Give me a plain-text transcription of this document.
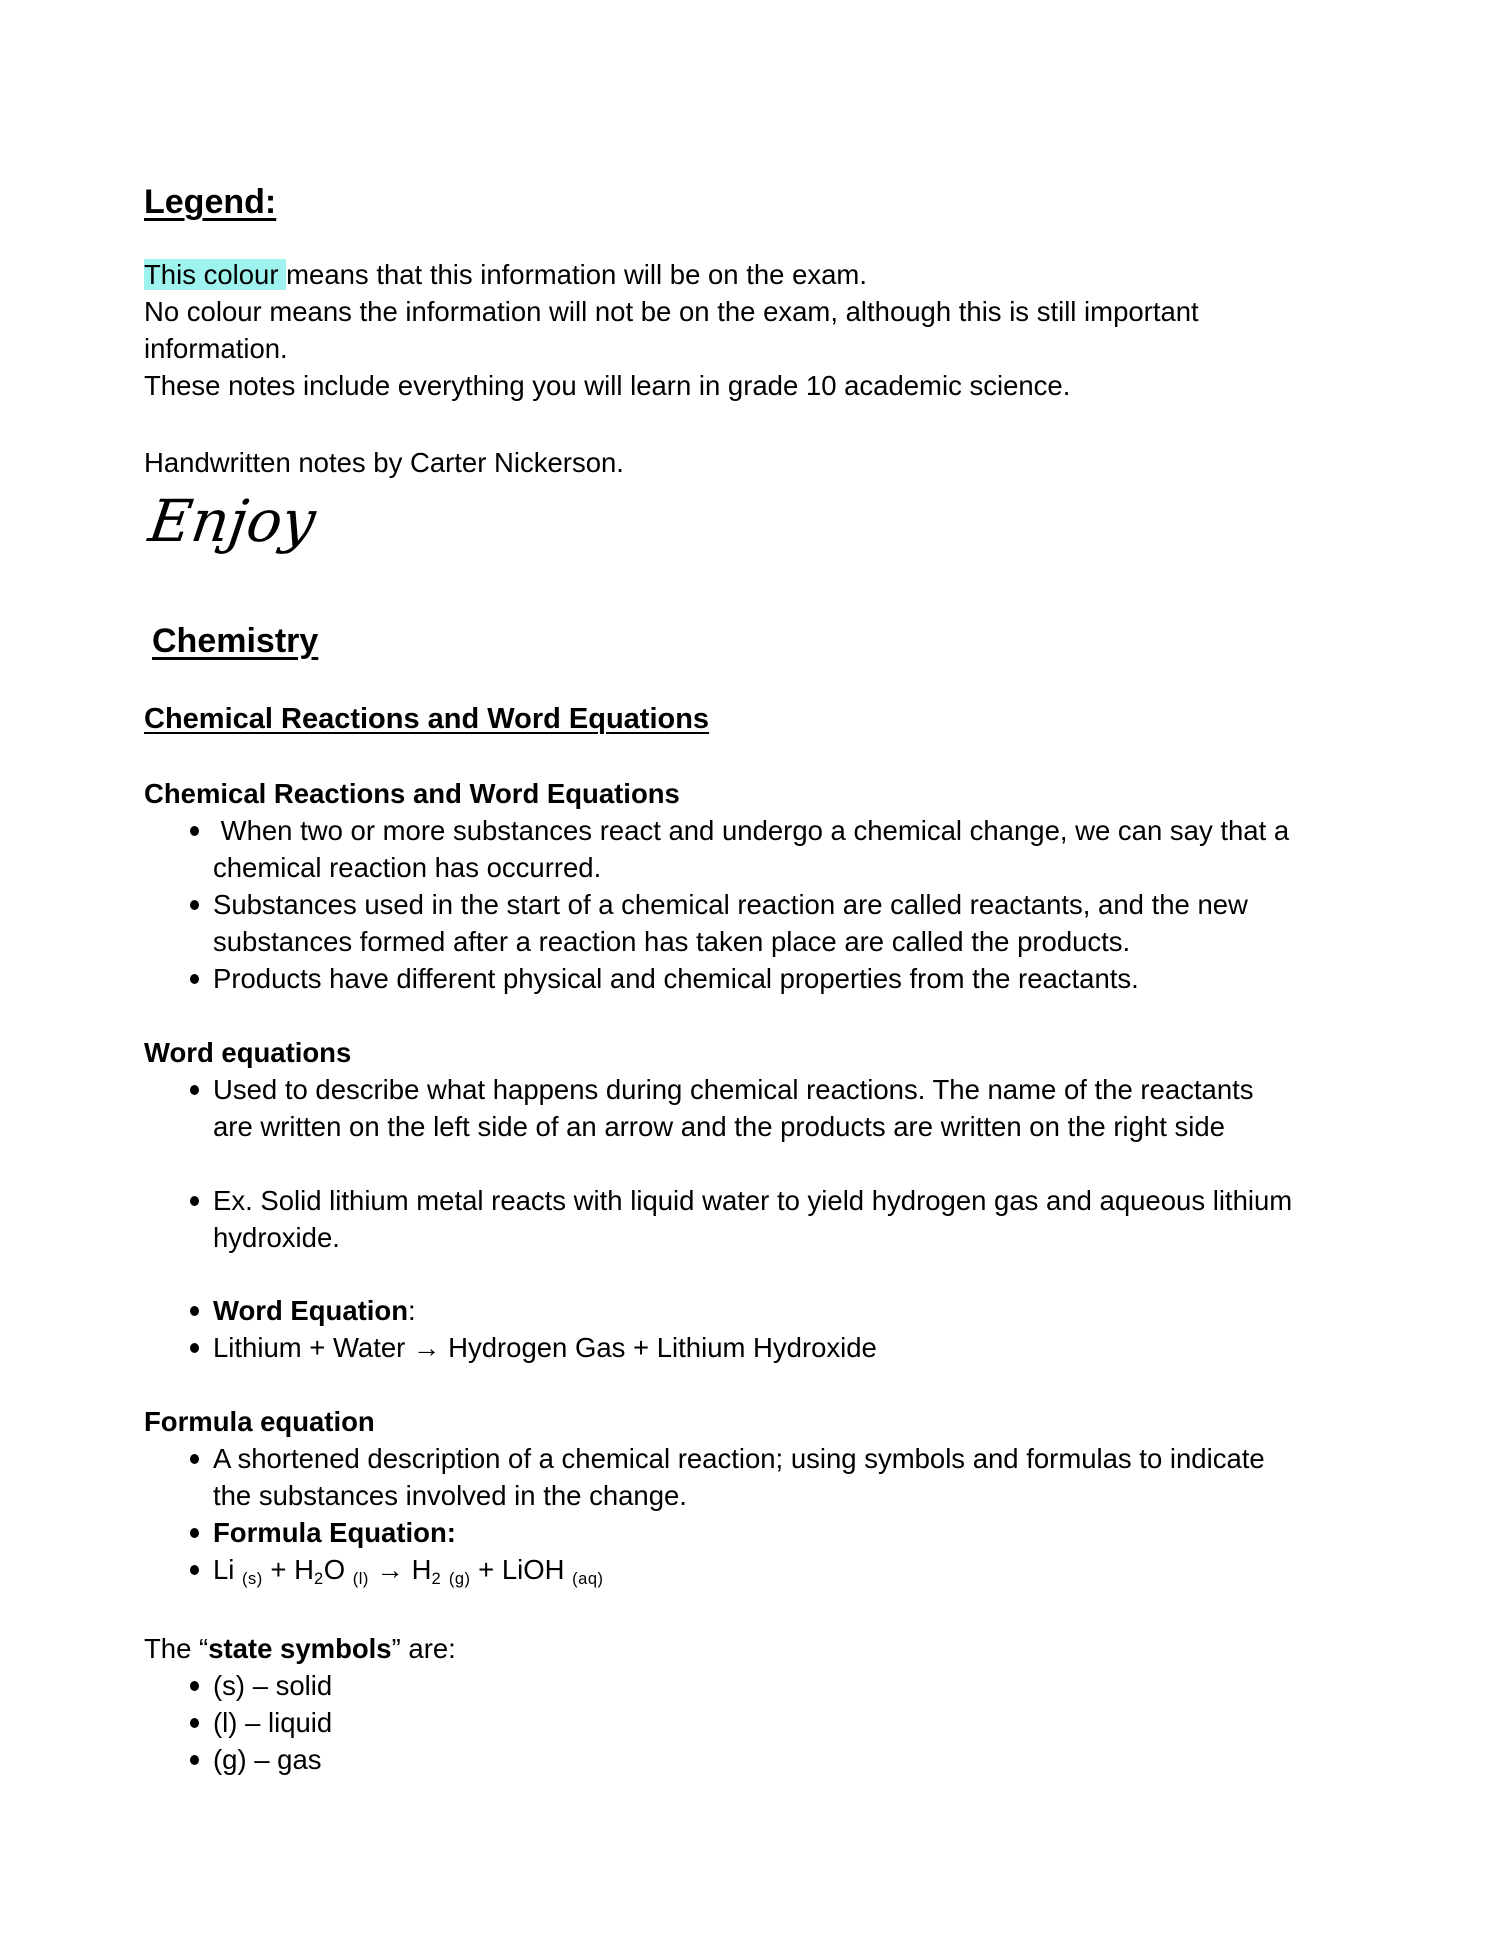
Legend:

This colour means that this information will be on the exam.

No colour means the information will not be on the exam, although this is still important information.

These notes include everything you will learn in grade 10 academic science.

Handwritten notes by Carter Nickerson.

Enjoy
Chemistry
Chemical Reactions and Word Equations
Chemical Reactions and Word Equations
When two or more substances react and undergo a chemical change, we can say that a chemical reaction has occurred.
Substances used in the start of a chemical reaction are called reactants, and the new substances formed after a reaction has taken place are called the products.
Products have different physical and chemical properties from the reactants.
Word equations
Used to describe what happens during chemical reactions. The name of the reactants are written on the left side of an arrow and the products are written on the right side
Ex. Solid lithium metal reacts with liquid water to yield hydrogen gas and aqueous lithium hydroxide.
Word Equation:
Lithium + Water → Hydrogen Gas + Lithium Hydroxide
Formula equation
A shortened description of a chemical reaction; using symbols and formulas to indicate the substances involved in the change.
Formula Equation:
Li (s) + H2O (l) → H2 (g) + LiOH (aq)

The “state symbols” are:

(s) – solid
(l) – liquid
(g) – gas
